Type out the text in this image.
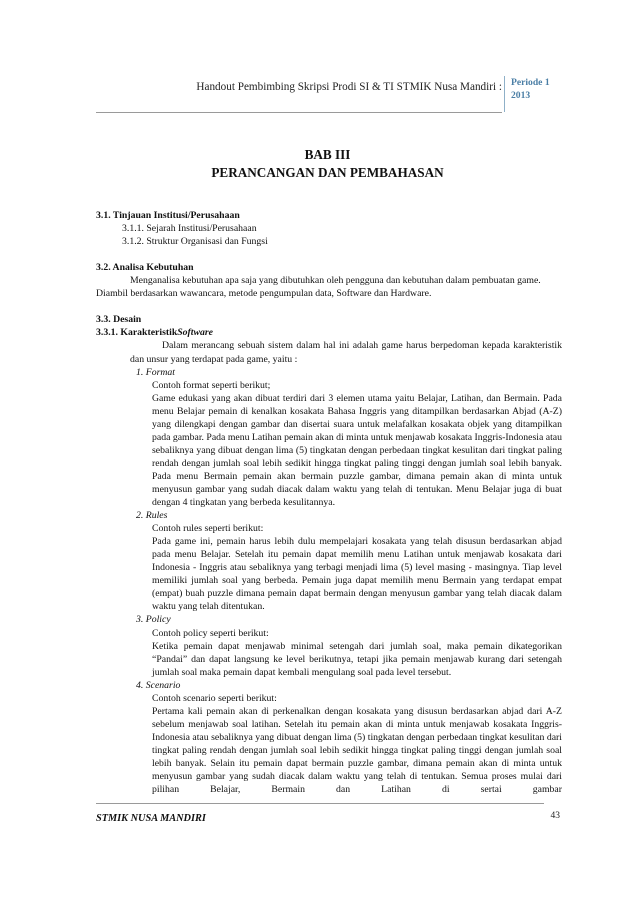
Handout Pembimbing Skripsi Prodi SI & TI STMIK Nusa Mandiri : Periode 1
2013
BAB III
PERANCANGAN DAN PEMBAHASAN

3.1. Tinjauan Institusi/Perusahaan

3.1.1. Sejarah Institusi/Perusahaan

3.1.2. Struktur Organisasi dan Fungsi

3.2. Analisa Kebutuhan

Menganalisa kebutuhan apa saja yang dibutuhkan oleh pengguna dan kebutuhan dalam pembuatan game.

Diambil berdasarkan wawancara, metode pengumpulan data, Software dan Hardware.

3.3. Desain

3.3.1. KarakteristikSoftware

Dalam merancang sebuah sistem dalam hal ini adalah game harus berpedoman kepada karakteristik dan unsur yang terdapat pada game, yaitu :

1. Format

Contoh format seperti berikut;

Game edukasi yang akan dibuat terdiri dari 3 elemen utama yaitu Belajar, Latihan, dan Bermain. Pada menu Belajar pemain di kenalkan kosakata Bahasa Inggris yang ditampilkan berdasarkan Abjad (A-Z) yang dilengkapi dengan gambar dan disertai suara untuk melafalkan kosakata objek yang ditampilkan pada gambar. Pada menu Latihan pemain akan di minta untuk menjawab kosakata Inggris-Indonesia atau sebaliknya yang dibuat dengan lima (5) tingkatan dengan perbedaan tingkat kesulitan dari tingkat paling rendah dengan jumlah soal lebih sedikit hingga tingkat paling tinggi dengan jumlah soal lebih banyak. Pada menu Bermain pemain akan bermain puzzle gambar, dimana pemain akan di minta untuk menyusun gambar yang sudah diacak dalam waktu yang telah di tentukan. Menu Belajar juga di buat dengan 4 tingkatan yang berbeda kesulitannya.

2. Rules

Contoh rules seperti berikut:

Pada game ini, pemain harus lebih dulu mempelajari kosakata yang telah disusun berdasarkan abjad pada menu Belajar. Setelah itu pemain dapat memilih menu Latihan untuk menjawab kosakata dari Indonesia - Inggris atau sebaliknya yang terbagi menjadi lima (5) level masing - masingnya. Tiap level memiliki jumlah soal yang berbeda. Pemain juga dapat memilih menu Bermain yang terdapat empat (empat) buah puzzle dimana pemain dapat bermain dengan menyusun gambar yang telah diacak dalam waktu yang telah ditentukan.

3. Policy

Contoh policy seperti berikut:

Ketika pemain dapat menjawab minimal setengah dari jumlah soal, maka pemain dikategorikan “Pandai” dan dapat langsung ke level berikutnya, tetapi jika pemain menjawab kurang dari setengah jumlah soal maka pemain dapat kembali mengulang soal pada level tersebut.

4. Scenario

Contoh scenario seperti berikut:

Pertama kali pemain akan di perkenalkan dengan kosakata yang disusun berdasarkan abjad dari A-Z sebelum menjawab soal latihan. Setelah itu pemain akan di minta untuk menjawab kosakata Inggris-Indonesia atau sebaliknya yang dibuat dengan lima (5) tingkatan dengan perbedaan tingkat kesulitan dari tingkat paling rendah dengan jumlah soal lebih sedikit hingga tingkat paling tinggi dengan jumlah soal lebih banyak. Selain itu pemain dapat bermain puzzle gambar, dimana pemain akan di minta untuk menyusun gambar yang sudah diacak dalam waktu yang telah di tentukan. Semua proses mulai dari pilihan Belajar, Bermain dan Latihan di sertai gambar

STMIK NUSA MANDIRI	43
